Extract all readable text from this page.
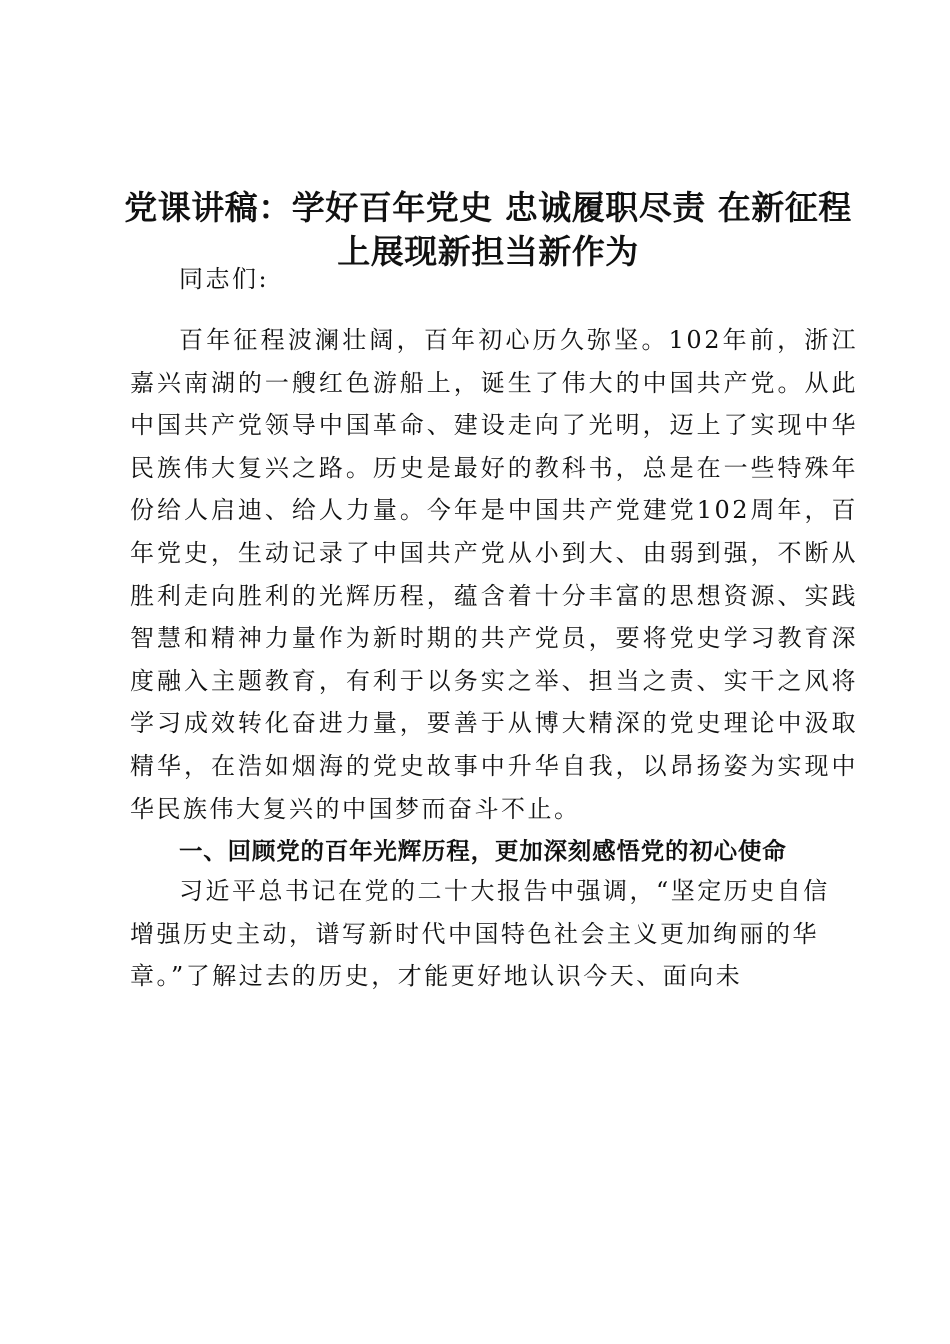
党课讲稿：学好百年党史 忠诚履职尽责 在新征程上展现新担当新作为

同志们:

百年征程波澜壮阔，百年初心历久弥坚。102年前，浙江嘉兴南湖的一艘红色游船上，诞生了伟大的中国共产党。从此中国共产党领导中国革命、建设走向了光明，迈上了实现中华民族伟大复兴之路。历史是最好的教科书，总是在一些特殊年份给人启迪、给人力量。今年是中国共产党建党102周年，百年党史，生动记录了中国共产党从小到大、由弱到强，不断从胜利走向胜利的光辉历程，蕴含着十分丰富的思想资源、实践智慧和精神力量作为新时期的共产党员，要将党史学习教育深度融入主题教育，有利于以务实之举、担当之责、实干之风将学习成效转化奋进力量，要善于从博大精深的党史理论中汲取精华，在浩如烟海的党史故事中升华自我，以昂扬姿为实现中华民族伟大复兴的中国梦而奋斗不止。

一、回顾党的百年光辉历程，更加深刻感悟党的初心使命

习近平总书记在党的二十大报告中强调，“坚定历史自信增强历史主动，谱写新时代中国特色社会主义更加绚丽的华章。”了解过去的历史，才能更好地认识今天、面向未
